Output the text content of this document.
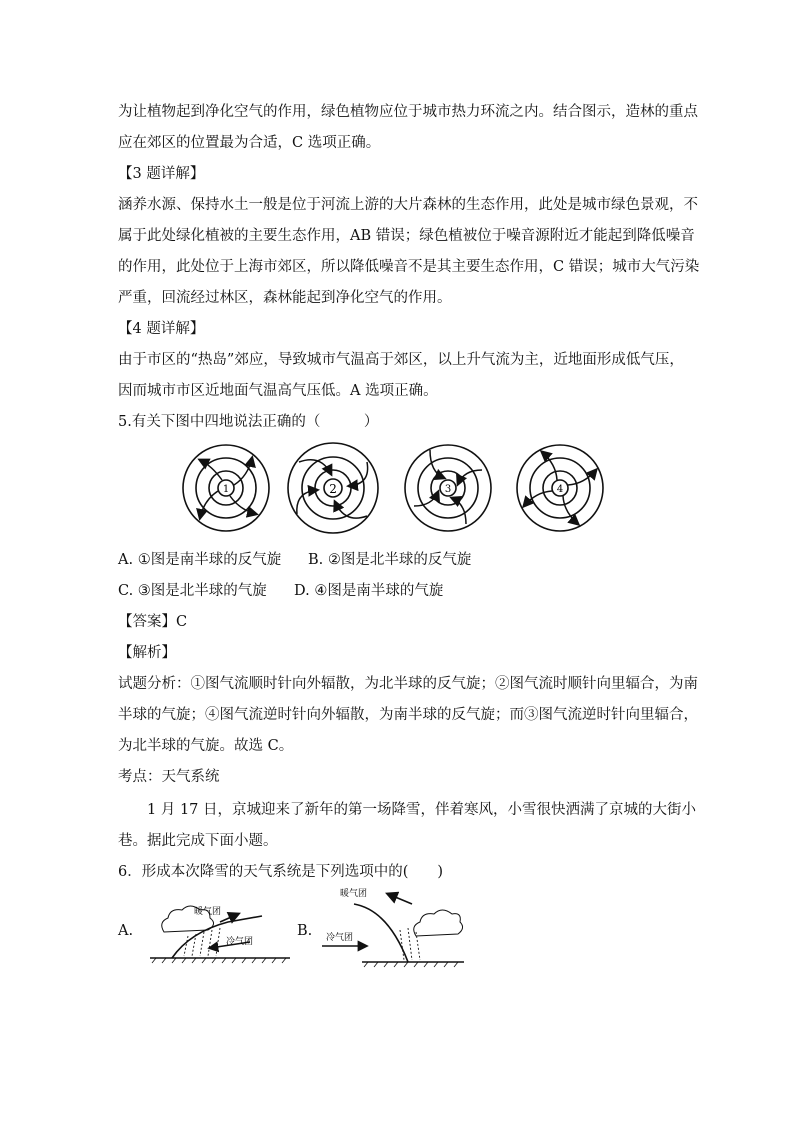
为让植物起到净化空气的作用，绿色植物应位于城市热力环流之内。结合图示，造林的重点
应在郊区的位置最为合适，C 选项正确。
【3 题详解】
涵养水源、保持水土一般是位于河流上游的大片森林的生态作用，此处是城市绿色景观，不
属于此处绿化植被的主要生态作用，AB 错误；绿色植被位于噪音源附近才能起到降低噪音
的作用，此处位于上海市郊区，所以降低噪音不是其主要生态作用，C 错误；城市大气污染
严重，回流经过林区，森林能起到净化空气的作用。
【4 题详解】
由于市区的“热岛”郊应，导致城市气温高于郊区，以上升气流为主，近地面形成低气压，
因而城市市区近地面气温高气压低。A 选项正确。
5.有关下图中四地说法正确的（　　　）
1	2	3	4
A. ①图是南半球的反气旋 B. ②图是北半球的反气旋
C. ③图是北半球的气旋 D. ④图是南半球的气旋
【答案】C
【解析】
试题分析：①图气流顺时针向外辐散，为北半球的反气旋；②图气流时顺针向里辐合，为南
半球的气旋；④图气流逆时针向外辐散，为南半球的反气旋；而③图气流逆时针向里辐合，
为北半球的气旋。故选 C。
考点：天气系统
1 月 17 日，京城迎来了新年的第一场降雪，伴着寒风，小雪很快洒满了京城的大街小
巷。据此完成下面小题。
6．形成本次降雪的天气系统是下列选项中的(　　)
A.	B.
暖气团
冷气团
暖气团
冷气团
